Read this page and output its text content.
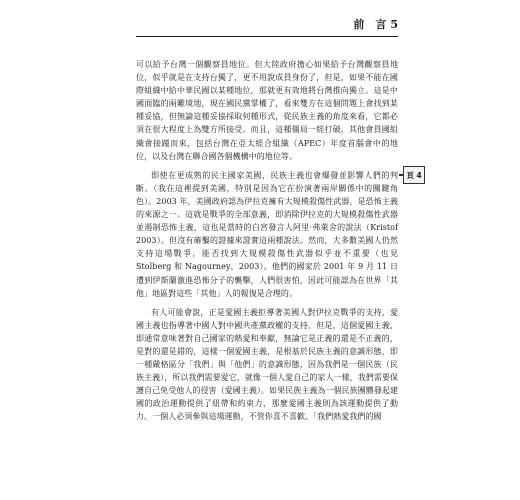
前　言 5

可以給予台灣一個觀察員地位。但大陸政府擔心如果給予台灣觀察員地位，似乎就是在支持台獨了，更不用說成員身份了，但是，如果不能在國際組織中給中華民國以某種地位，那就更有效地將台灣推向獨立。這是中國面臨的兩難境地，現在國民黨掌權了，看來雙方在這個問題上會找到某種妥協，但無論這種妥協採取何種形式，從民族主義的角度來看，它都必須在很大程度上為雙方所接受。而且，這種僵局一經打破，其他會員國組織會接踵而來，包括台灣在亞太經合組織（APEC）年度首腦會中的地位，以及台灣在聯合國各個機構中的地位等。

即使在更成熟的民主國家美國，民族主義也會爆發並影響人們的判斷。（我在這裡提到美國，特別是因為它在扮演著兩岸關係中的關鍵角色）。2003 年，美國政府認為伊拉克擁有大規模殺傷性武器，是恐怖主義的來源之一。這就是戰爭的全部意義，即消除伊拉克的大規模殺傷性武器並遏制恐怖主義，這也是當時的白宮發言人阿里·弗萊舍的說法（Kristof 2003）。但沒有確鑿的證據來證實這兩種說法。然而，大多數美國人仍然支持這場戰爭，能否找到大規模殺傷性武器似乎並不重要（也見 Stolberg 和 Nagourney，2003）。他們的國家於 2001 年 9 月 11 日遭到伊斯蘭激進恐怖分子的襲擊，人們很害怕，因此可能認為在世界「其他」地區對這些「其他」人的報復是合理的。

有人可能會說，正是愛國主義拒導著美國人對伊拉克戰爭的支持，愛國主義也指導著中國人對中國共產黨政權的支持。但是，這個愛國主義，即通常意味著對自己國家的熱愛和奉獻，無論它是正義的還是不正義的，是對的還是錯的，這樣一個愛國主義，是根基於民族主義的意識形態，即一種嚴格區分「我們」與「他們」的意識形態，因為我們是一個民族（民族主義），所以我們需要愛它，就像一個人愛自己的家人一樣，我們需要保護自己免受他人的侵害（愛國主義）。如果民族主義為一個民族團體發起建國的政治運動提供了紐帶和約束力，那麼愛國主義則為該運動提供了動力。一個人必須參與這場運動，不管你喜不喜歡。「我們熱愛我們的國

頁 4
